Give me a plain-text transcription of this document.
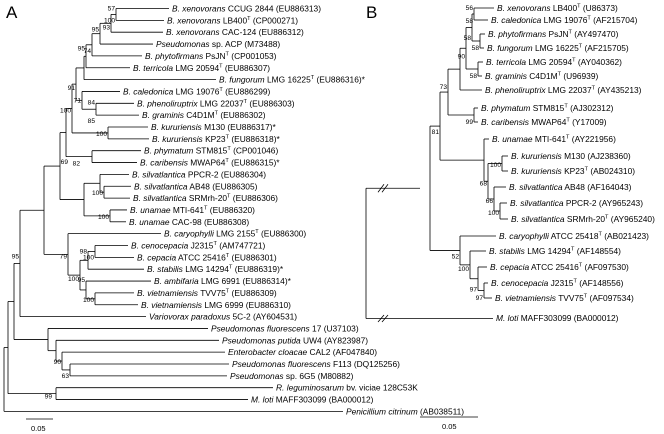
A	B
B. xenovorans CCUG 2844 (EU886313)
B. xenovorans $LB400^T$ (CP000271)
B. xenovorans CAC-124 (EU886312)
Pseudomonas sp. ACP (M73488)
B. phytofirmans PsJN$^T$ (CP001053)
B. terricola LMG $20594^T$ (EU886307)
B. fungorum LMG $16225^T$ (EU886316)*
57
100
93
95
74
95
B. phenoliruptrix LMG $22037^T$ (EU886303)
B. graminis $C4D1M^T$ (EU886302)
B. caledonica LMG $19076^T$ (EU886299)
84
71
85
B. kururiensis M130 (EU886317)*
B. kururiensis $KP23^T$ (EU886318)*
100
91
B. phymatum $STM815^T$ (CP001046)
B. caribensis $MWAP64^T$ (EU886315)*
82
100
B. silvatlantica AB48 (EU886305)
B. silvatlantica SRMrh-$20^T$ (EU886306)
B. silvatlantica PPCR-2 (EU886304)
100
B. unamae MTI-$641^T$ (EU886320)
B. unamae CAC-98 (EU886308)
100
69
B. cenocepacia $J2315^T$ (AM747721)
B. cepacia ATCC $25416^T$ (EU886301)
100
B. stabilis LMG $14294^T$ (EU886319)*
98
B. vietnamiensis $TVV75^T$ (EU886309)
B. vietnamiensis LMG 6999 (EU886310)
100
B. ambifaria LMG 6991 (EU886314)*
95
B. caryophylli LMG $2155^T$ (EU886300)
100
79
Variovorax paradoxus 5C-2 (AY604531)
95
Pseudomonas fluorescens F113 (DQ125256)
Pseudomonas sp. 6G5 (M80882)
63
Enterobacter cloacae CAL2 (AF047840)
Pseudomonas putida UW4 (AY823987)
90
Pseudomonas fluorescens 17 (U37103)
R. leguminosarum bv. viciae 128C53K
M. loti MAFF303099 (BA000012)
99
Penicillium citrinum (AB038511)
B. xenovorans $LB400^T$ (U86373)
B. caledonica LMG $19076^T$ (AF215704)
56
58
B. phytofirmans PsJN$^T$ (AY497470)
B. fungorum LMG $16225^T$ (AF215705)
58
58
B. terricola LMG $20594^T$ (AY040362)
B. graminis $C4D1M^T$ (U96939)
58
90
B. phenoliruptrix LMG $22037^T$ (AY435213)
B. phymatum $STM815^T$ (AJ302312)
B. caribensis $MWAP64^T$ (Y17009)
99
73
B. kururiensis M130 (AJ238360)
B. kururiensis $KP23^T$ (AB024310)
100
B. silvatlantica PPCR-2 (AY965243)
B. silvatlantica SRMrh-$20^T$ (AY965240)
100
B. silvatlantica AB48 (AF164043)
66
68
B. unamae MTI-$641^T$ (AY221956)
81
B. cenocepacia $J2315^T$ (AF148556)
B. vietnamiensis $TVV75^T$ (AF097534)
97
B. cepacia ATCC $25416^T$ (AF097530)
97
B. stabilis LMG $14294^T$ (AF148554)
100
B. caryophylli ATCC $25418^T$ (AB021423)
52
M. loti MAFF303099 (BA000012)
0.05	0.05
